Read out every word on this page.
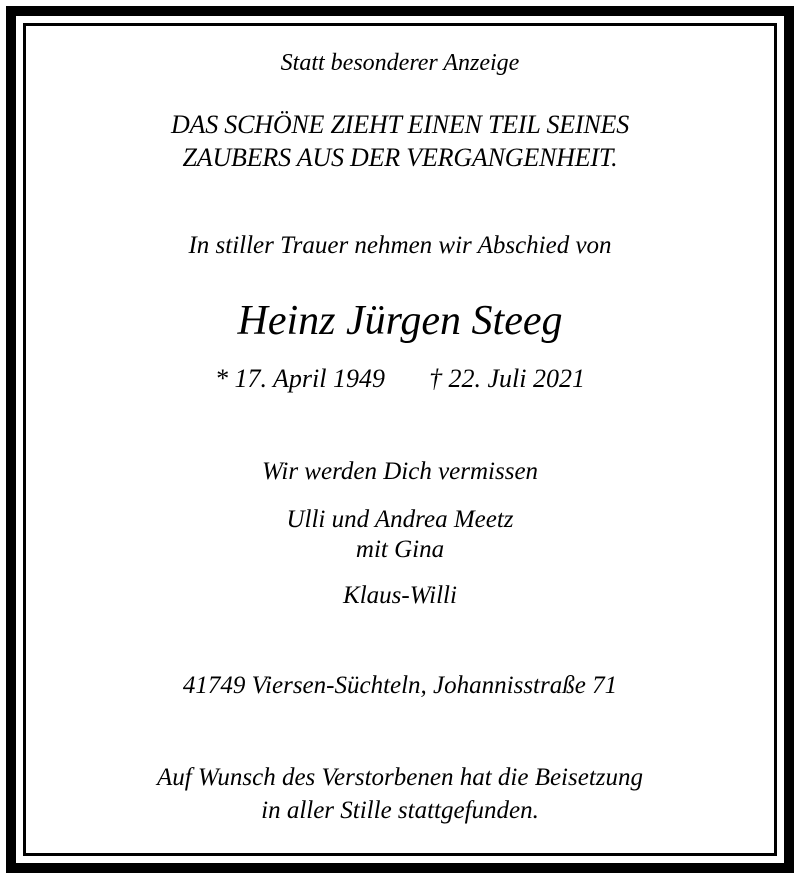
Statt besonderer Anzeige
DAS SCHÖNE ZIEHT EINEN TEIL SEINES
ZAUBERS AUS DER VERGANGENHEIT.
In stiller Trauer nehmen wir Abschied von
Heinz Jürgen Steeg
* 17. April 1949 † 22. Juli 2021
Wir werden Dich vermissen
Ulli und Andrea Meetz
mit Gina
Klaus-Willi
41749 Viersen-Süchteln, Johannisstraße 71
Auf Wunsch des Verstorbenen hat die Beisetzung
in aller Stille stattgefunden.
